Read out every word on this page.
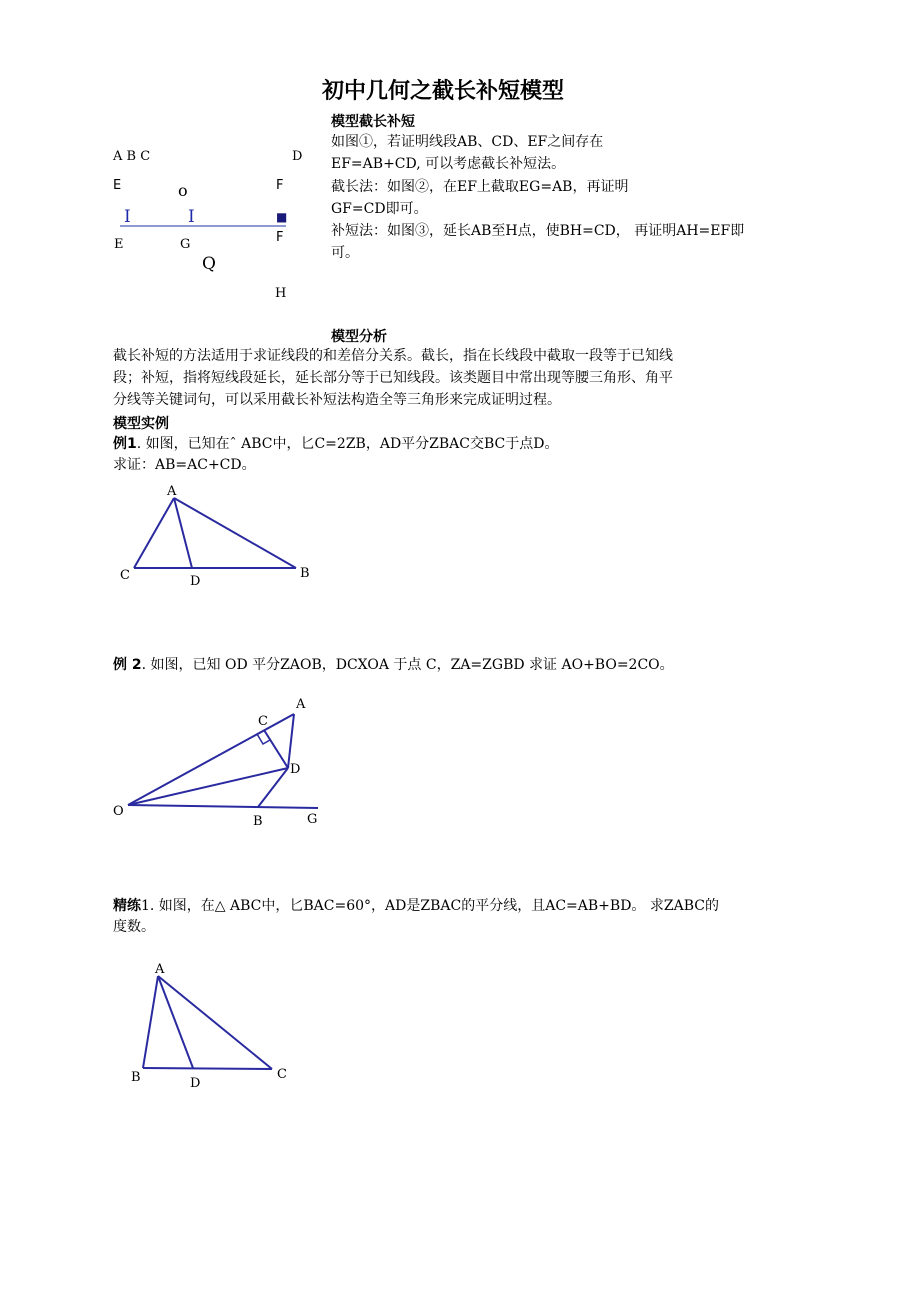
初中几何之截长补短模型
模型截长补短
如图①，若证明线段AB、CD、EF之间存在
EF=AB+CD, 可以考虑截长补短法。
截长法：如图②，在EF上截取EG=AB，再证明
GF=CD即可。
补短法：如图③，延长AB至H点，使BH=CD， 再证明AH=EF即
可。
A B C	D
E	o	F
I	I	■
E	G	F
Q
H
模型分析
截长补短的方法适用于求证线段的和差倍分关系。截长，指在长线段中截取一段等于已知线
段；补短，指将短线段延长，延长部分等于已知线段。该类题目中常出现等腰三角形、角平
分线等关键词句，可以采用截长补短法构造全等三角形来完成证明过程。
模型实例
例1. 如图，已知在ˆ ABC中，匕C=2ZB，AD平分ZBAC交BC于点D。
求证：AB=AC+CD。
A
C	D
B
例 2. 如图，已知 OD 平分ZAOB，DCXOA 于点 C，ZA=ZGBD 求证 AO+BO=2CO。
A
C
D
O
B	G
精练1. 如图，在△ ABC中，匕BAC=60°，AD是ZBAC的平分线，且AC=AB+BD。 求ZABC的
度数。
A
B	D
C
